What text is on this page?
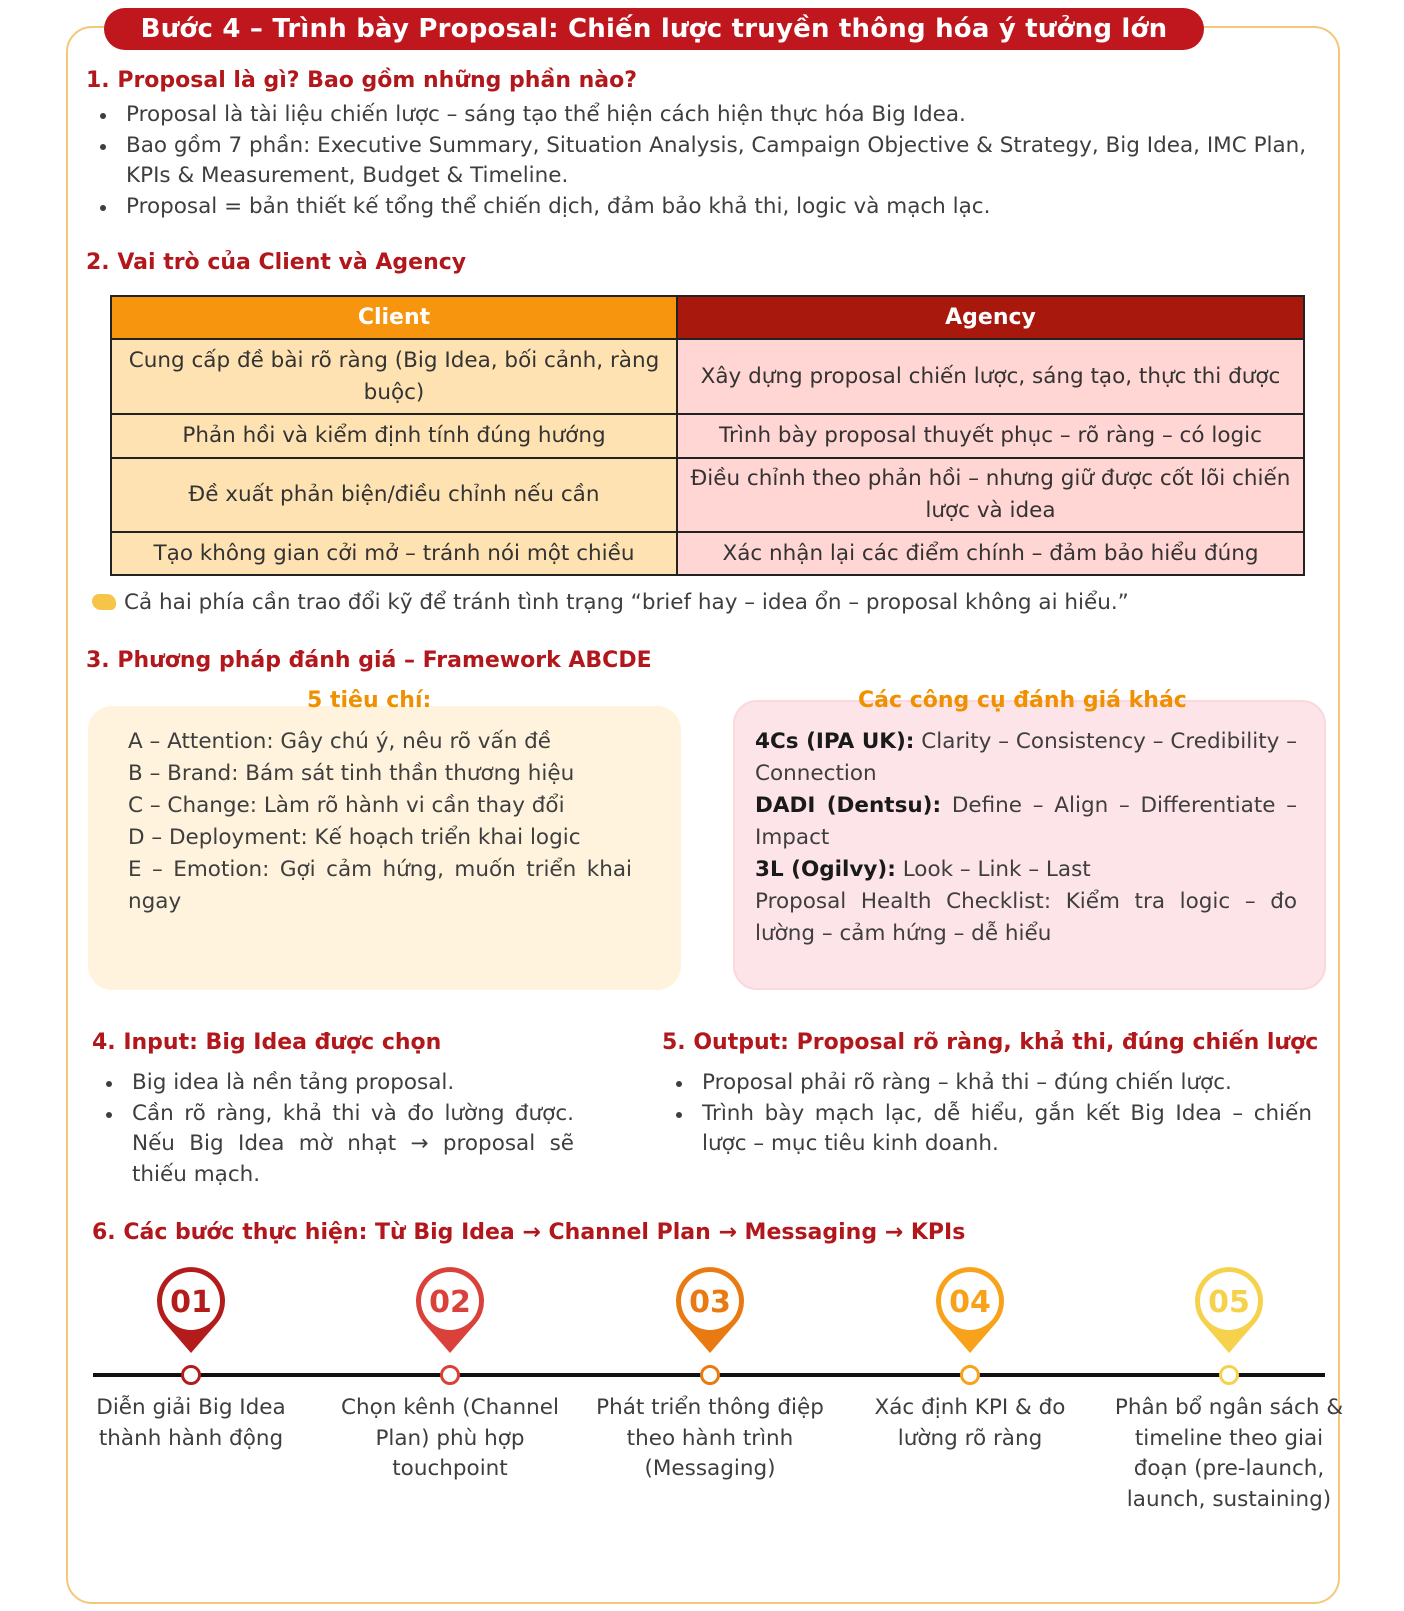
Bước 4 – Trình bày Proposal: Chiến lược truyền thông hóa ý tưởng lớn
1. Proposal là gì? Bao gồm những phần nào?
Proposal là tài liệu chiến lược – sáng tạo thể hiện cách hiện thực hóa Big Idea.
Bao gồm 7 phần: Executive Summary, Situation Analysis, Campaign Objective & Strategy, Big Idea, IMC Plan, KPIs & Measurement, Budget & Timeline.
Proposal = bản thiết kế tổng thể chiến dịch, đảm bảo khả thi, logic và mạch lạc.
2. Vai trò của Client và Agency
Client	Agency
Cung cấp đề bài rõ ràng (Big Idea, bối cảnh, ràng buộc)	Xây dựng proposal chiến lược, sáng tạo, thực thi được
Phản hồi và kiểm định tính đúng hướng	Trình bày proposal thuyết phục – rõ ràng – có logic
Đề xuất phản biện/điều chỉnh nếu cần	Điều chỉnh theo phản hồi – nhưng giữ được cốt lõi chiến lược và idea
Tạo không gian cởi mở – tránh nói một chiều	Xác nhận lại các điểm chính – đảm bảo hiểu đúng
Cả hai phía cần trao đổi kỹ để tránh tình trạng “brief hay – idea ổn – proposal không ai hiểu.”
3. Phương pháp đánh giá – Framework ABCDE
5 tiêu chí:
A – Attention: Gây chú ý, nêu rõ vấn đề
B – Brand: Bám sát tinh thần thương hiệu
C – Change: Làm rõ hành vi cần thay đổi
D – Deployment: Kế hoạch triển khai logic
E – Emotion: Gợi cảm hứng, muốn triển khai ngay
Các công cụ đánh giá khác
4Cs (IPA UK): Clarity – Consistency – Credibility – Connection
DADI (Dentsu): Define – Align – Differentiate – Impact
3L (Ogilvy): Look – Link – Last
Proposal Health Checklist: Kiểm tra logic – đo lường – cảm hứng – dễ hiểu
4. Input: Big Idea được chọn
Big idea là nền tảng proposal.
Cần rõ ràng, khả thi và đo lường được. Nếu Big Idea mờ nhạt → proposal sẽ thiếu mạch.
5. Output: Proposal rõ ràng, khả thi, đúng chiến lược
Proposal phải rõ ràng – khả thi – đúng chiến lược.
Trình bày mạch lạc, dễ hiểu, gắn kết Big Idea – chiến lược – mục tiêu kinh doanh.
6. Các bước thực hiện: Từ Big Idea → Channel Plan → Messaging → KPIs
01
Diễn giải Big Idea thành hành động
02
Chọn kênh (Channel Plan) phù hợp touchpoint
03
Phát triển thông điệp theo hành trình (Messaging)
04
Xác định KPI & đo lường rõ ràng
05
Phân bổ ngân sách & timeline theo giai đoạn (pre-launch, launch, sustaining)
